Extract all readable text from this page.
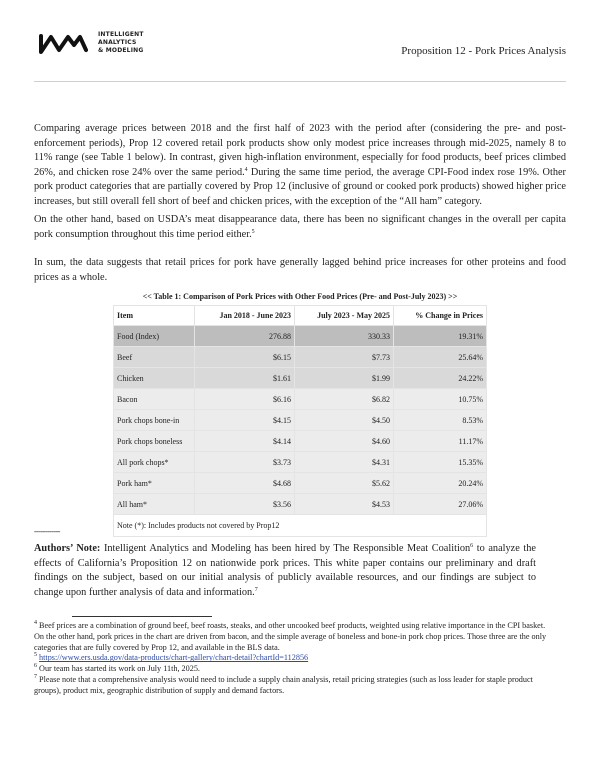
INTELLIGENT
ANALYTICS
& MODELING	Proposition 12 - Pork Prices Analysis
Comparing average prices between 2018 and the first half of 2023 with the period after (considering the pre- and post-enforcement periods), Prop 12 covered retail pork products show only modest price increases through mid-2025, namely 8 to 11% range (see Table 1 below). In contrast, given high-inflation environment, especially for food products, beef prices climbed 26%, and chicken rose 24% over the same period.$^4$ During the same time period, the average CPI-Food index rose 19%. Other pork product categories that are partially covered by Prop 12 (inclusive of ground or cooked pork products) showed higher price increases, but still overall fell short of beef and chicken prices, with the exception of the “All ham” category.
On the other hand, based on USDA’s meat disappearance data, there has been no significant changes in the overall per capita pork consumption throughout this time period either.$^5$
In sum, the data suggests that retail prices for pork have generally lagged behind price increases for other proteins and food prices as a whole.
<< Table 1: Comparison of Pork Prices with Other Food Prices (Pre- and Post-July 2023) >>
Item	Jan 2018 - June 2023	July 2023 - May 2025	% Change in Prices
Food (Index)	276.88	330.33	19.31%
Beef	$6.15	$7.73	25.64%
Chicken	$1.61	$1.99	24.22%
Bacon	$6.16	$6.82	10.75%
Pork chops bone-in	$4.15	$4.50	8.53%
Pork chops boneless	$4.14	$4.60	11.17%
All pork chops*	$3.73	$4.31	15.35%
Pork ham*	$4.68	$5.62	20.24%
All ham*	$3.56	$4.53	27.06%
Note (*): Includes products not covered by Prop12			
------------
Authors’ Note: Intelligent Analytics and Modeling has been hired by The Responsible Meat Coalition$^6$ to analyze the effects of California’s Proposition 12 on nationwide pork prices. This white paper contains our preliminary and draft findings on the subject, based on our initial analysis of publicly available resources, and our findings are subject to change upon further analysis of data and information.$^7$

$^4$ Beef prices are a combination of ground beef, beef roasts, steaks, and other uncooked beef products, weighted using relative importance in the CPI basket. On the other hand, pork prices in the chart are driven from bacon, and the simple average of boneless and bone-in pork chop prices. Those three are the only categories that are fully covered by Prop 12, and available in the BLS data.

$^5$ https://www.ers.usda.gov/data-products/chart-gallery/chart-detail?chartId=112856

$^6$ Our team has started its work on July 11th, 2025.

$^7$ Please note that a comprehensive analysis would need to include a supply chain analysis, retail pricing strategies (such as loss leader for staple product groups), product mix, geographic distribution of supply and demand factors.
